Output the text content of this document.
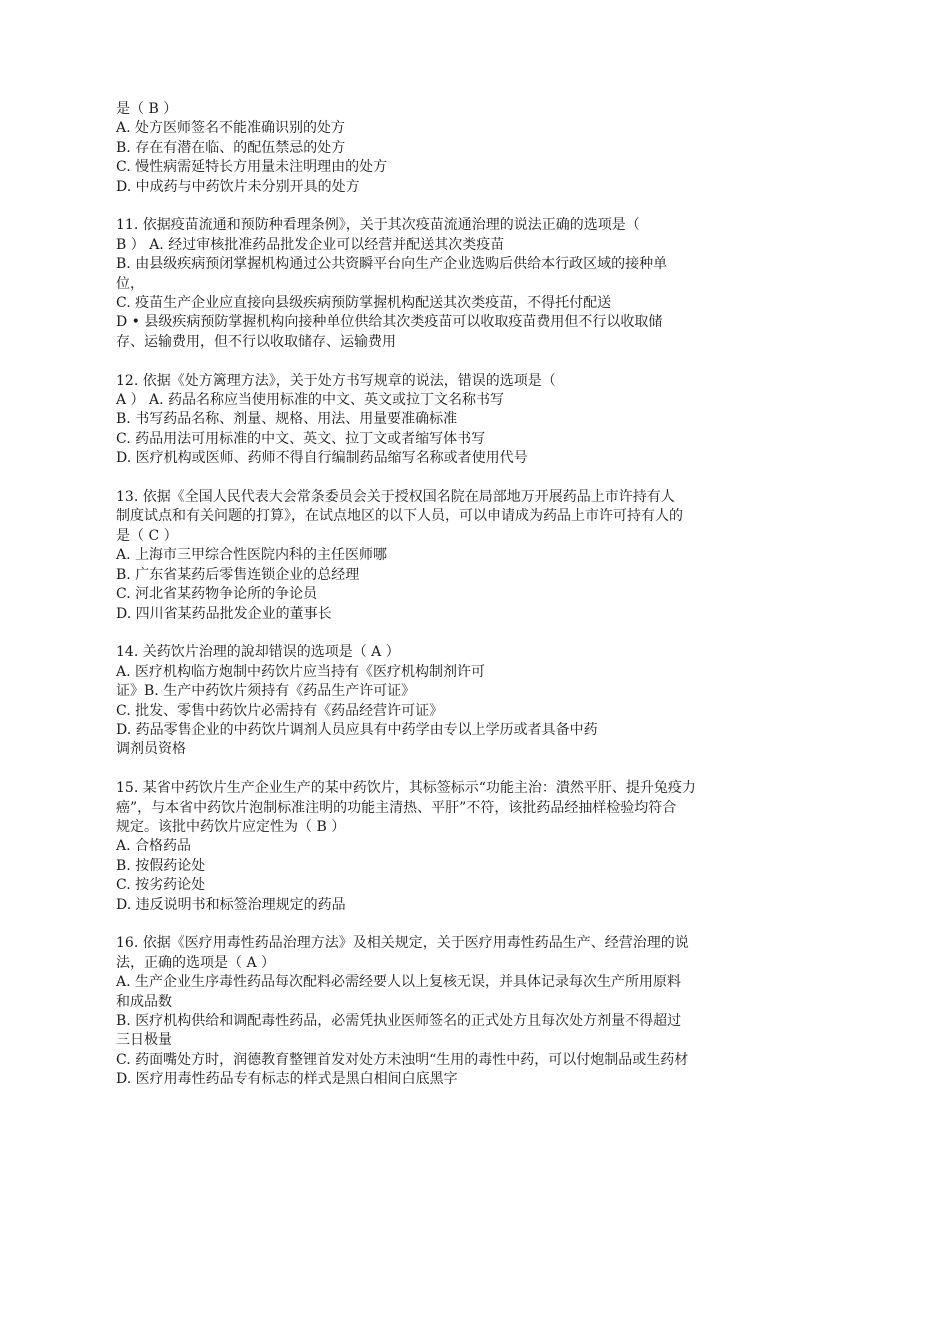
是（ B ）
A. 处方医师签名不能准确识别的处方
B. 存在有潜在临、的配伍禁忌的处方
C. 慢性病需延特长方用量未注明理由的处方
D. 中成药与中药饮片未分别开具的处方
11. 依据疫苗流通和预防种看理条例》，关于其次疫苗流通治理的说法正确的选项是（
B ） A. 经过审核批准药品批发企业可以经营并配送其次类疫苗
B. 由县级疾病预闭掌握机构通过公共资瞬平台向生产企业选购后供给本行政区域的接种单
位，
C. 疫苗生产企业应直接向县级疾病预防掌握机构配送其次类疫苗，不得托付配送
D • 县级疾病预防掌握机构向接种单位供给其次类疫苗可以收取疫苗费用但不行以收取储
存、运输费用，但不行以收取储存、运输费用
12. 依据《处方篱理方法》，关于处方书写规章的说法，错误的选项是（
A ） A. 药品名称应当使用标准的中文、英文或拉丁文名称书写
B. 书写药品名称、剂量、规格、用法、用量要准确标准
C. 药品用法可用标准的中文、英文、拉丁文或者缩写体书写
D. 医疗机构或医师、药师不得自行编制药品缩写名称或者使用代号
13. 依据《全国人民代表大会常条委员会关于授权国名院在局部地万开展药品上市许持有人
制度试点和有关问题的打算》，在试点地区的以下人员，可以申请成为药品上市许可持有人的
是（ C ）
A. 上海市三甲综合性医院内科的主任医师哪
B. 广东省某药后零售连锁企业的总经理
C. 河北省某药物争论所的争论员
D. 四川省某药品批发企业的董事长
14. 关药饮片治理的說却错误的选项是（ A ）
A. 医疗机构临方炮制中药饮片应当持有《医疗机构制剂许可
证》B. 生产中药饮片须持有《药品生产许可证》
C. 批发、零售中药饮片必需持有《药品经营许可证》
D. 药品零售企业的中药饮片调剂人员应具有中药学由专以上学历或者具备中药
调剂员资格
15. 某省中药饮片生产企业生产的某中药饮片，其标签标示“功能主治：潰然平肝、提升兔疫力
癌”，与本省中药饮片泡制标准注明的功能主清热、平肝”不符，该批药品经抽样检验均符合
规定。该批中药饮片应定性为（ B ）
A. 合格药品
B. 按假药论处
C. 按劣药论处
D. 违反说明书和标签治理规定的药品
16. 依据《医疗用毒性药品治理方法》及相关规定，关于医疗用毒性药品生产、经营治理的说
法，正确的选项是（ A ）
A. 生产企业生序毒性药品每次配料必需经要人以上复核无误，并具体记录每次生产所用原料
和成品数
B. 医疗机构供给和调配毒性药品，必需凭执业医师签名的正式处方且每次处方剂量不得超过
三日极量
C. 药面嘴处方时，润德教育整锂首发对处方未浊明“生用的毒性中药，可以付炮制品或生药材
D. 医疗用毒性药品专有标志的样式是黑白相间白底黑字
